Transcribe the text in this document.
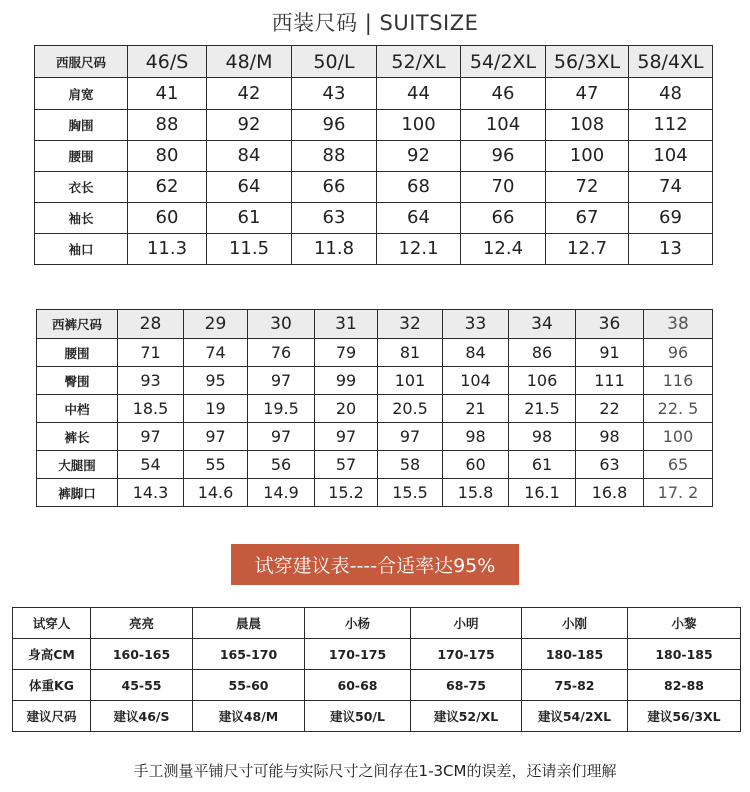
西装尺码 | SUITSIZE
西服尺码	46/S	48/M	50/L	52/XL	54/2XL	56/3XL	58/4XL
肩宽	41	42	43	44	46	47	48
胸围	88	92	96	100	104	108	112
腰围	80	84	88	92	96	100	104
衣长	62	64	66	68	70	72	74
袖长	60	61	63	64	66	67	69
袖口	11.3	11.5	11.8	12.1	12.4	12.7	13
西裤尺码	28	29	30	31	32	33	34	36	38
腰围	71	74	76	79	81	84	86	91	96
臀围	93	95	97	99	101	104	106	111	116
中档	18.5	19	19.5	20	20.5	21	21.5	22	22. 5
裤长	97	97	97	97	97	98	98	98	100
大腿围	54	55	56	57	58	60	61	63	65
裤脚口	14.3	14.6	14.9	15.2	15.5	15.8	16.1	16.8	17. 2
试穿建议表----合适率达95%
试穿人	亮亮	晨晨	小杨	小明	小刚	小黎
身高CM	160-165	165-170	170-175	170-175	180-185	180-185
体重KG	45-55	55-60	60-68	68-75	75-82	82-88
建议尺码	建议46/S	建议48/M	建议50/L	建议52/XL	建议54/2XL	建议56/3XL
手工测量平铺尺寸可能与实际尺寸之间存在1-3CM的误差，还请亲们理解
